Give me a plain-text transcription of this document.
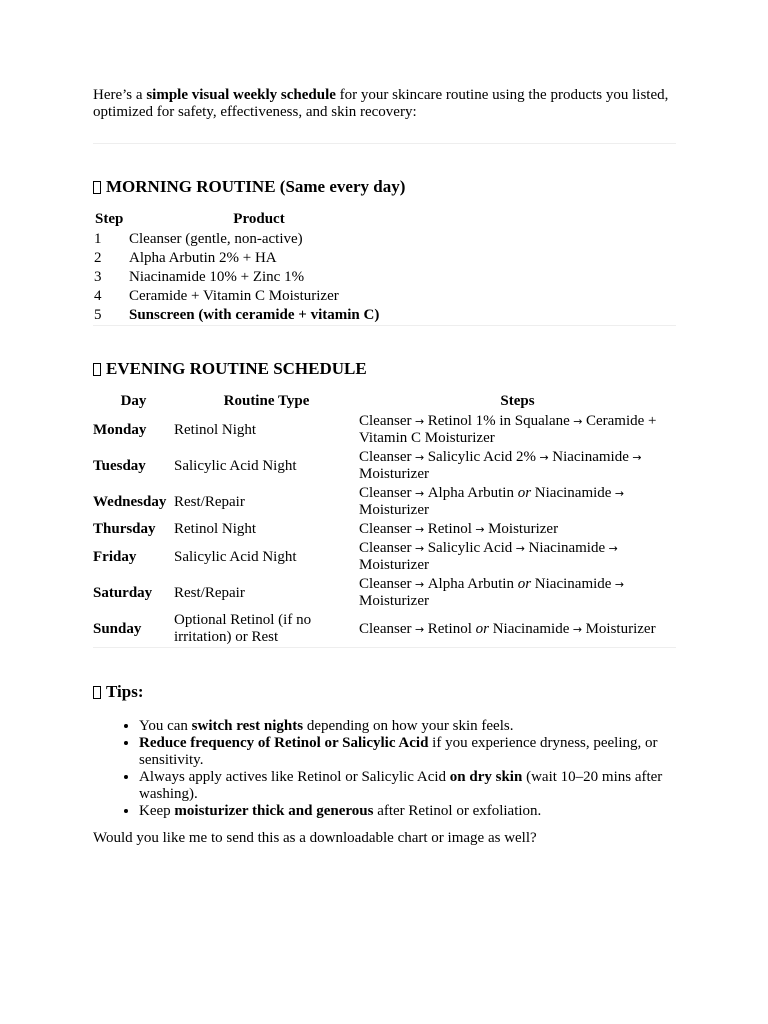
Here’s a simple visual weekly schedule for your skincare routine using the products you listed, optimized for safety, effectiveness, and skin recovery:

MORNING ROUTINE (Same every day)
Step	Product
1	Cleanser (gentle, non-active)
2	Alpha Arbutin 2% + HA
3	Niacinamide 10% + Zinc 1%
4	Ceramide + Vitamin C Moisturizer
5	Sunscreen (with ceramide + vitamin C)
EVENING ROUTINE SCHEDULE
Day	Routine Type	Steps
Monday	Retinol Night	Cleanser → Retinol 1% in Squalane → Ceramide + Vitamin C Moisturizer
Tuesday	Salicylic Acid Night	Cleanser → Salicylic Acid 2% → Niacinamide → Moisturizer
Wednesday	Rest/Repair	Cleanser → Alpha Arbutin or Niacinamide → Moisturizer
Thursday	Retinol Night	Cleanser → Retinol → Moisturizer
Friday	Salicylic Acid Night	Cleanser → Salicylic Acid → Niacinamide → Moisturizer
Saturday	Rest/Repair	Cleanser → Alpha Arbutin or Niacinamide → Moisturizer
Sunday	Optional Retinol (if no irritation) or Rest	Cleanser → Retinol or Niacinamide → Moisturizer
Tips:
• You can switch rest nights depending on how your skin feels.
• Reduce frequency of Retinol or Salicylic Acid if you experience dryness, peeling, or sensitivity.
• Always apply actives like Retinol or Salicylic Acid on dry skin (wait 10–20 mins after washing).
• Keep moisturizer thick and generous after Retinol or exfoliation.

Would you like me to send this as a downloadable chart or image as well?
